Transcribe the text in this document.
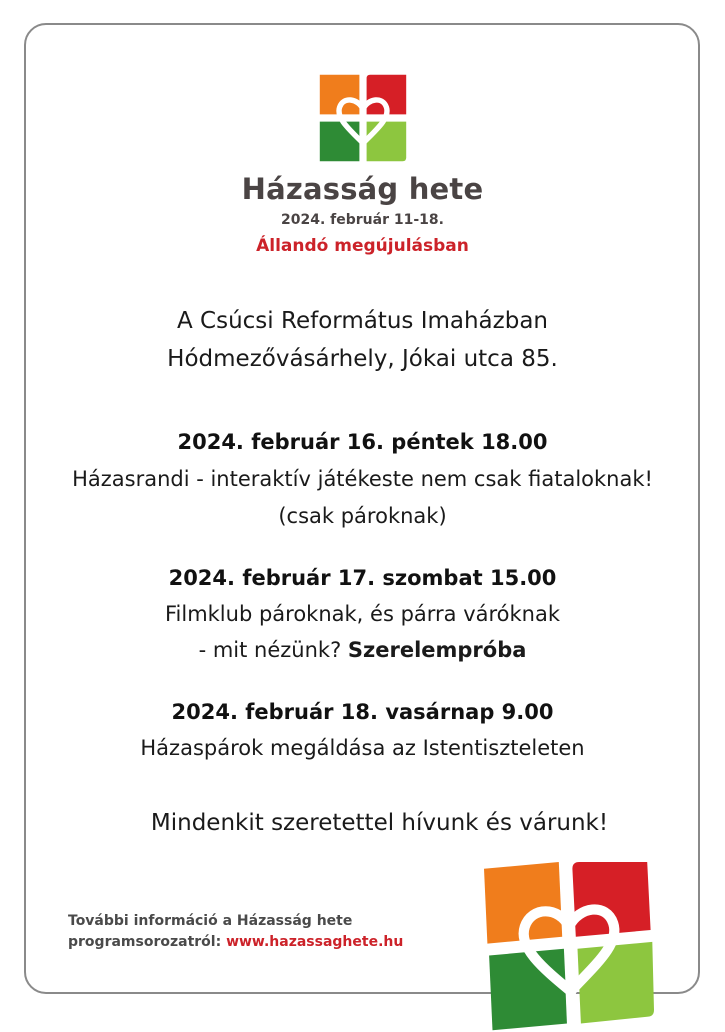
Házasság hete
2024. február 11-18.
Állandó megújulásban
A Csúcsi Református Imaházban
Hódmezővásárhely, Jókai utca 85.
2024. február 16. péntek 18.00
Házasrandi - interaktív játékeste nem csak fiataloknak!
(csak pároknak)
2024. február 17. szombat 15.00
Filmklub pároknak, és párra váróknak
- mit nézünk? Szerelempróba
2024. február 18. vasárnap 9.00
Házaspárok megáldása az Istentiszteleten
Mindenkit szeretettel hívunk és várunk!
További információ a Házasság hete
programsorozatról: www.hazassaghete.hu
